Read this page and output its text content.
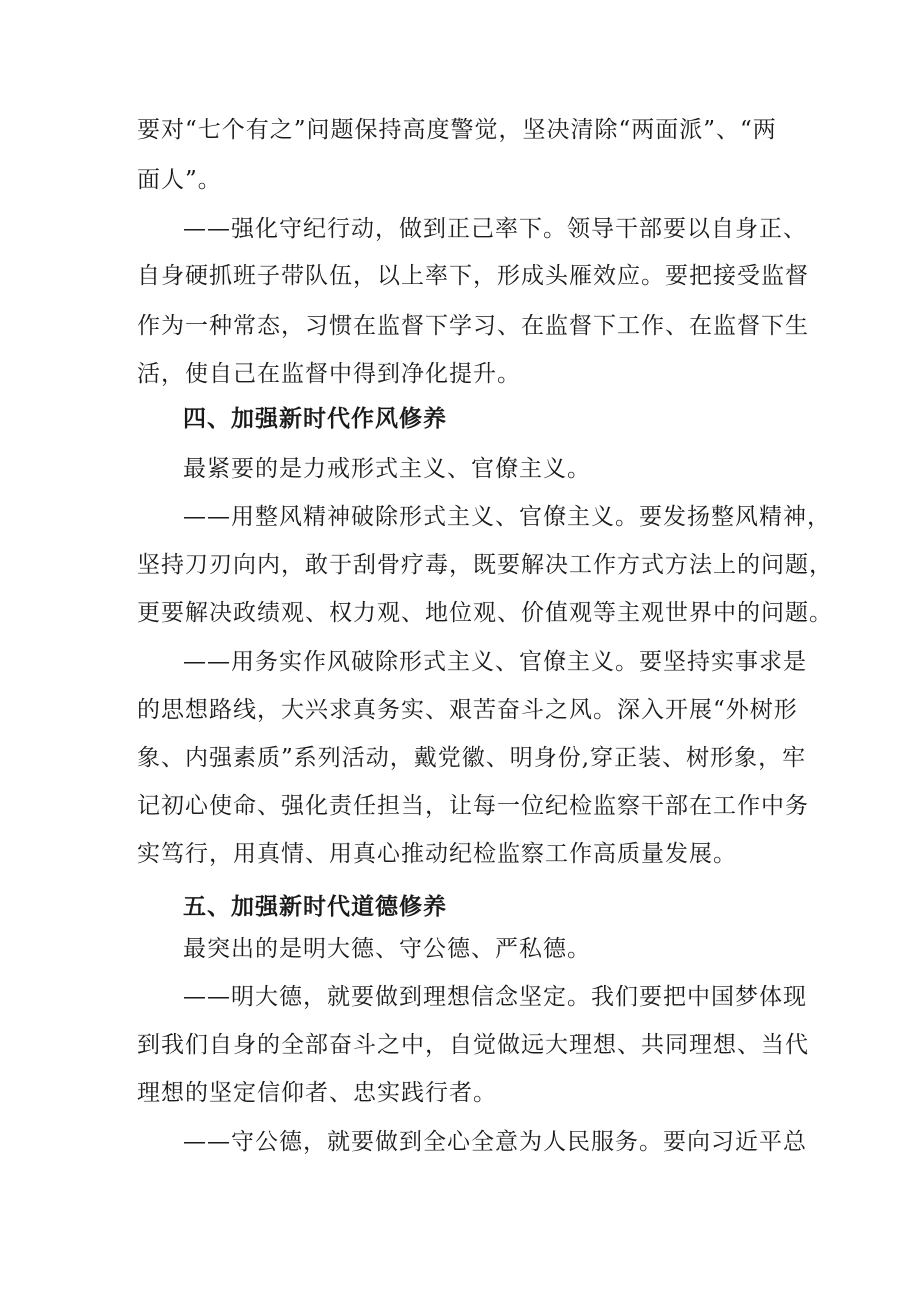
要对“七个有之”问题保持高度警觉，坚决清除“两面派”、“两
面人”。
——强化守纪行动，做到正己率下。领导干部要以自身正、
自身硬抓班子带队伍，以上率下，形成头雁效应。要把接受监督
作为一种常态，习惯在监督下学习、在监督下工作、在监督下生
活，使自己在监督中得到净化提升。
四、加强新时代作风修养
最紧要的是力戒形式主义、官僚主义。
——用整风精神破除形式主义、官僚主义。要发扬整风精神，
坚持刀刃向内，敢于刮骨疗毒，既要解决工作方式方法上的问题，
更要解决政绩观、权力观、地位观、价值观等主观世界中的问题。
——用务实作风破除形式主义、官僚主义。要坚持实事求是
的思想路线，大兴求真务实、艰苦奋斗之风。深入开展“外树形
象、内强素质”系列活动，戴党徽、明身份,穿正装、树形象，牢
记初心使命、强化责任担当，让每一位纪检监察干部在工作中务
实笃行，用真情、用真心推动纪检监察工作高质量发展。
五、加强新时代道德修养
最突出的是明大德、守公德、严私德。
——明大德，就要做到理想信念坚定。我们要把中国梦体现
到我们自身的全部奋斗之中，自觉做远大理想、共同理想、当代
理想的坚定信仰者、忠实践行者。
——守公德，就要做到全心全意为人民服务。要向习近平总
